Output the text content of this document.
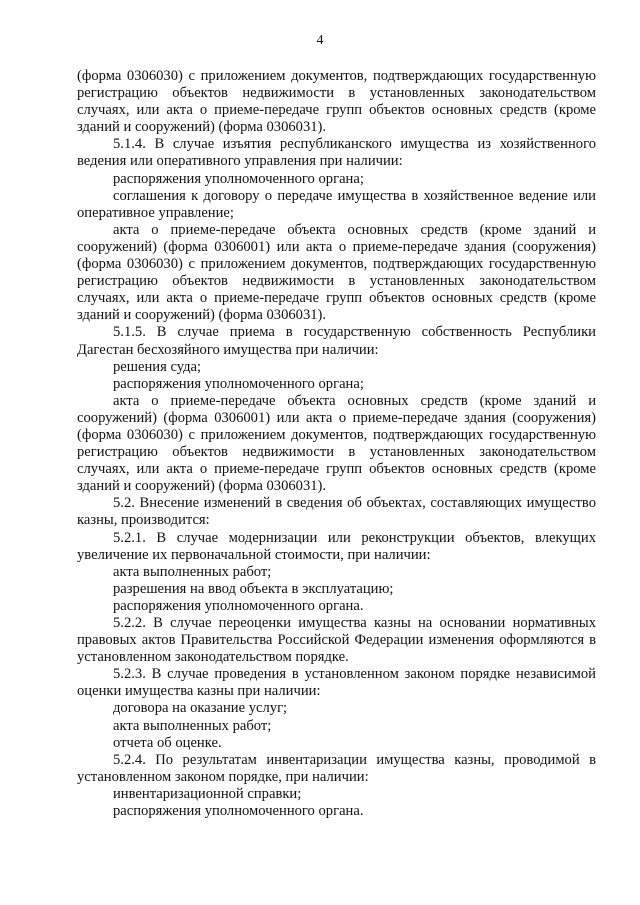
4

(форма 0306030) с приложением документов, подтверждающих государственную регистрацию объектов недвижимости в установленных законодательством случаях, или акта о приеме-передаче групп объектов основных средств (кроме зданий и сооружений) (форма 0306031).

5.1.4. В случае изъятия республиканского имущества из хозяйственного ведения или оперативного управления при наличии:

распоряжения уполномоченного органа;

соглашения к договору о передаче имущества в хозяйственное ведение или оперативное управление;

акта о приеме-передаче объекта основных средств (кроме зданий и сооружений) (форма 0306001) или акта о приеме-передаче здания (сооружения) (форма 0306030) с приложением документов, подтверждающих государственную регистрацию объектов недвижимости в установленных законодательством случаях, или акта о приеме-передаче групп объектов основных средств (кроме зданий и сооружений) (форма 0306031).

5.1.5. В случае приема в государственную собственность Республики Дагестан бесхозяйного имущества при наличии:

решения суда;

распоряжения уполномоченного органа;

акта о приеме-передаче объекта основных средств (кроме зданий и сооружений) (форма 0306001) или акта о приеме-передаче здания (сооружения) (форма 0306030) с приложением документов, подтверждающих государственную регистрацию объектов недвижимости в установленных законодательством случаях, или акта о приеме-передаче групп объектов основных средств (кроме зданий и сооружений) (форма 0306031).

5.2. Внесение изменений в сведения об объектах, составляющих имущество казны, производится:

5.2.1. В случае модернизации или реконструкции объектов, влекущих увеличение их первоначальной стоимости, при наличии:

акта выполненных работ;

разрешения на ввод объекта в эксплуатацию;

распоряжения уполномоченного органа.

5.2.2. В случае переоценки имущества казны на основании нормативных правовых актов Правительства Российской Федерации изменения оформляются в установленном законодательством порядке.

5.2.3. В случае проведения в установленном законом порядке независимой оценки имущества казны при наличии:

договора на оказание услуг;

акта выполненных работ;

отчета об оценке.

5.2.4. По результатам инвентаризации имущества казны, проводимой в установленном законом порядке, при наличии:

инвентаризационной справки;

распоряжения уполномоченного органа.
